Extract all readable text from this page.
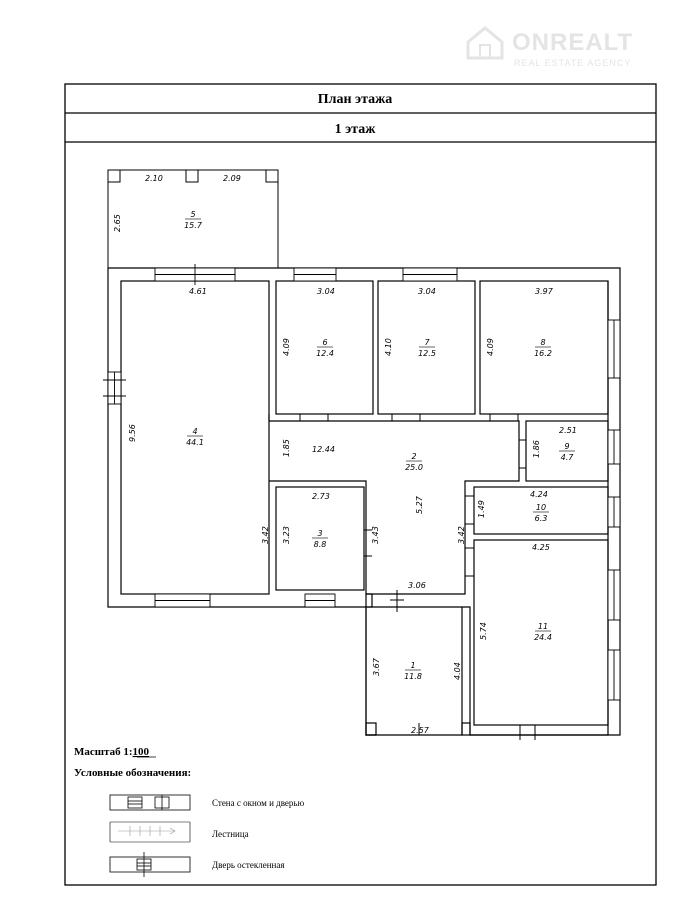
ONREALT
REAL ESTATE AGENCY
План этажа
1 этаж
5
15.7
4
44.1
6
12.4
7
12.5
8
16.2
9
4.7
2
25.0
10
6.3
3
8.8
11
24.4
1
11.8
2.10	2.09
2.65
4.61
9.56
3.04
4.09
3.04
4.10
3.97
4.09
2.51
1.86
1.85	12.44
5.27
3.42	3.42
2.73
3.23	3.43
4.24
1.49
4.25
5.74
3.06
3.67	4.04
2.57
Масштаб 1:100
Условные обозначения:
Стена с окном и дверью
Лестница
Дверь остекленная
